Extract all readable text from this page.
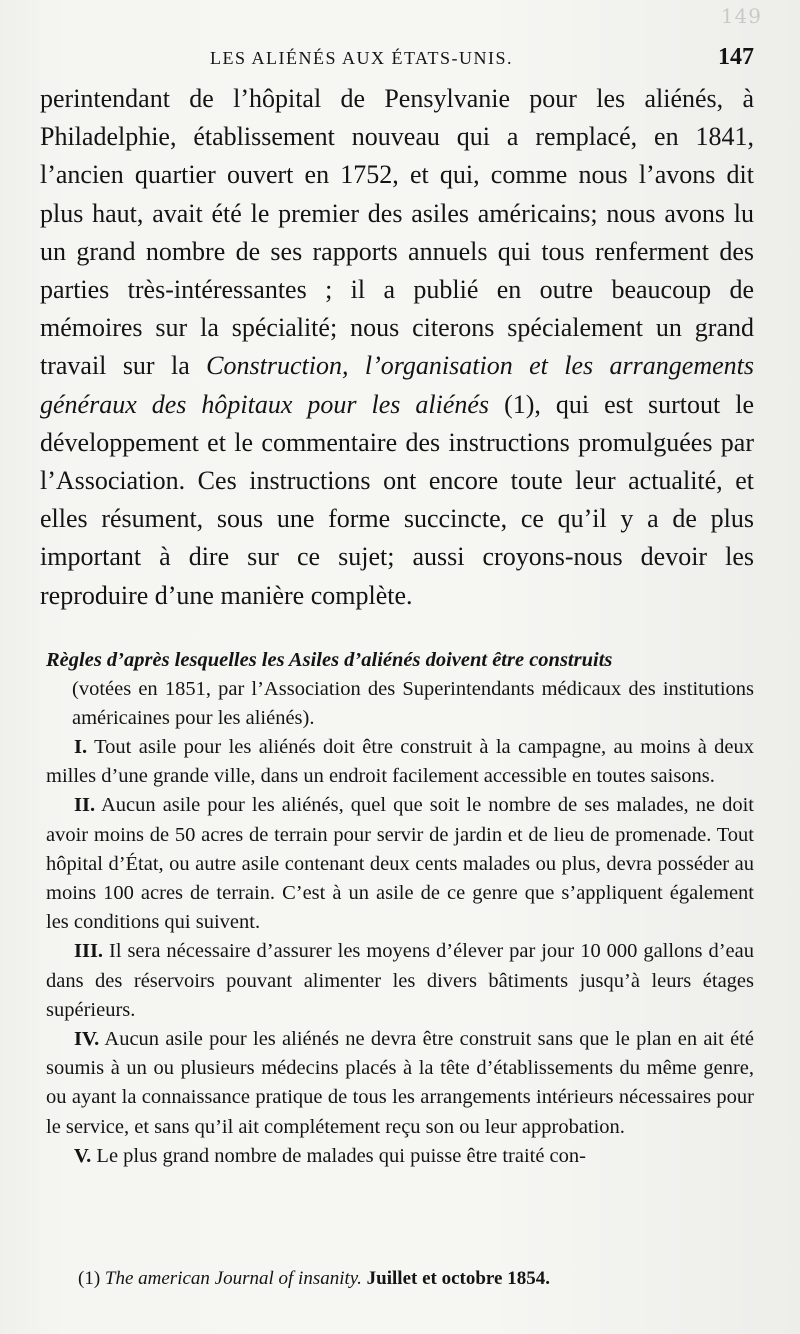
149
LES ALIÉNÉS AUX ÉTATS-UNIS.	147

perintendant de l’hôpital de Pensylvanie pour les aliénés, à Philadelphie, établissement nouveau qui a remplacé, en 1841, l’ancien quartier ouvert en 1752, et qui, comme nous l’avons dit plus haut, avait été le premier des asiles américains; nous avons lu un grand nombre de ses rapports annuels qui tous renferment des parties très-intéressantes ; il a publié en outre beaucoup de mémoires sur la spécialité; nous citerons spécialement un grand travail sur la Construction, l’organisation et les arrangements généraux des hôpitaux pour les aliénés (1), qui est surtout le développement et le commentaire des instructions promulguées par l’Association. Ces instructions ont encore toute leur actualité, et elles résument, sous une forme succincte, ce qu’il y a de plus important à dire sur ce sujet; aussi croyons-nous devoir les reproduire d’une manière complète.

Règles d’après lesquelles les Asiles d’aliénés doivent être construits
(votées en 1851, par l’Association des Superintendants médicaux des institutions américaines pour les aliénés).

I. Tout asile pour les aliénés doit être construit à la campagne, au moins à deux milles d’une grande ville, dans un endroit facilement accessible en toutes saisons.

II. Aucun asile pour les aliénés, quel que soit le nombre de ses malades, ne doit avoir moins de 50 acres de terrain pour servir de jardin et de lieu de promenade. Tout hôpital d’État, ou autre asile contenant deux cents malades ou plus, devra posséder au moins 100 acres de terrain. C’est à un asile de ce genre que s’appliquent également les conditions qui suivent.

III. Il sera nécessaire d’assurer les moyens d’élever par jour 10 000 gallons d’eau dans des réservoirs pouvant alimenter les divers bâtiments jusqu’à leurs étages supérieurs.

IV. Aucun asile pour les aliénés ne devra être construit sans que le plan en ait été soumis à un ou plusieurs médecins placés à la tête d’établissements du même genre, ou ayant la connaissance pratique de tous les arrangements intérieurs nécessaires pour le service, et sans qu’il ait complétement reçu son ou leur approbation.

V. Le plus grand nombre de malades qui puisse être traité con-

(1) The american Journal of insanity. Juillet et octobre 1854.
